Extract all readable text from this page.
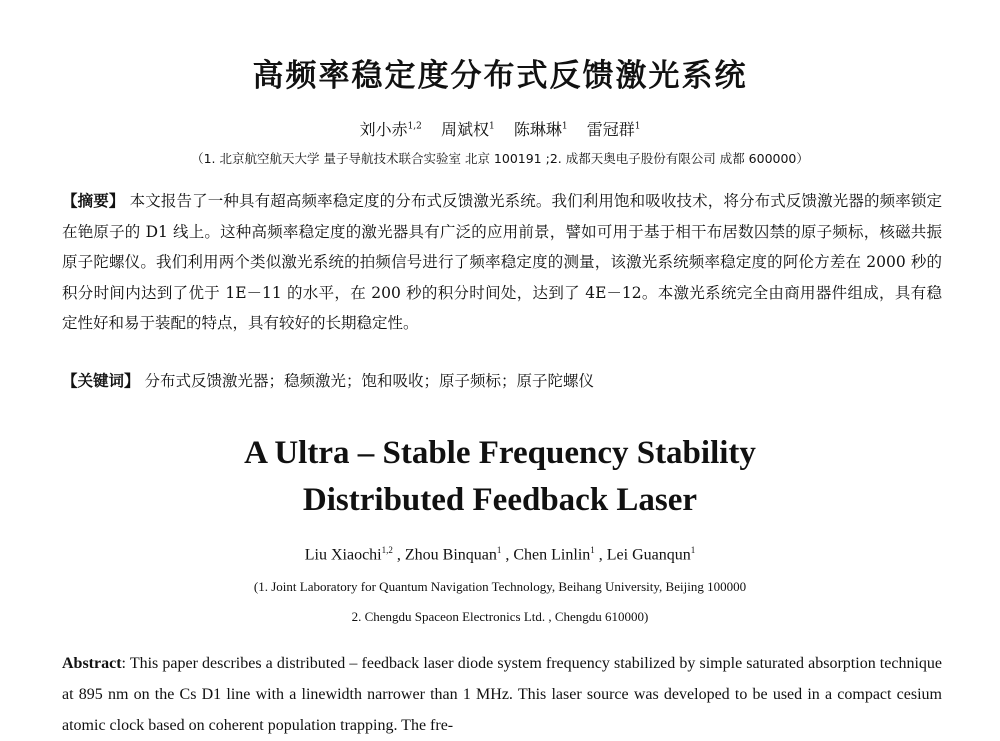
高频率稳定度分布式反馈激光系统
刘小赤$^{1,2}$ 周斌权$^1$ 陈琳琳$^1$ 雷冠群$^1$
（1. 北京航空航天大学 量子导航技术联合实验室 北京 100191 ;2. 成都天奥电子股份有限公司 成都 600000）
【摘要】 本文报告了一种具有超高频率稳定度的分布式反馈激光系统。我们利用饱和吸收技术，将分布式反馈激光器的频率锁定在铯原子的 D1 线上。这种高频率稳定度的激光器具有广泛的应用前景，譬如可用于基于相干布居数囚禁的原子频标，核磁共振原子陀螺仪。我们利用两个类似激光系统的拍频信号进行了频率稳定度的测量，该激光系统频率稳定度的阿伦方差在 2000 秒的积分时间内达到了优于 1E－11 的水平，在 200 秒的积分时间处，达到了 4E－12。本激光系统完全由商用器件组成，具有稳定性好和易于装配的特点，具有较好的长期稳定性。
【关键词】 分布式反馈激光器；稳频激光；饱和吸收；原子频标；原子陀螺仪
A Ultra – Stable Frequency Stability
Distributed Feedback Laser
Liu Xiaochi$^{1,2}$ , Zhou Binquan$^1$ , Chen Linlin$^1$ , Lei Guanqun$^1$
(1. Joint Laboratory for Quantum Navigation Technology, Beihang University, Beijing 100000
2. Chengdu Spaceon Electronics Ltd. , Chengdu 610000)
Abstract: This paper describes a distributed – feedback laser diode system frequency stabilized by simple saturated absorption technique at 895 nm on the Cs D1 line with a linewidth narrower than 1 MHz. This laser source was developed to be used in a compact cesium atomic clock based on coherent population trapping. The fre-
